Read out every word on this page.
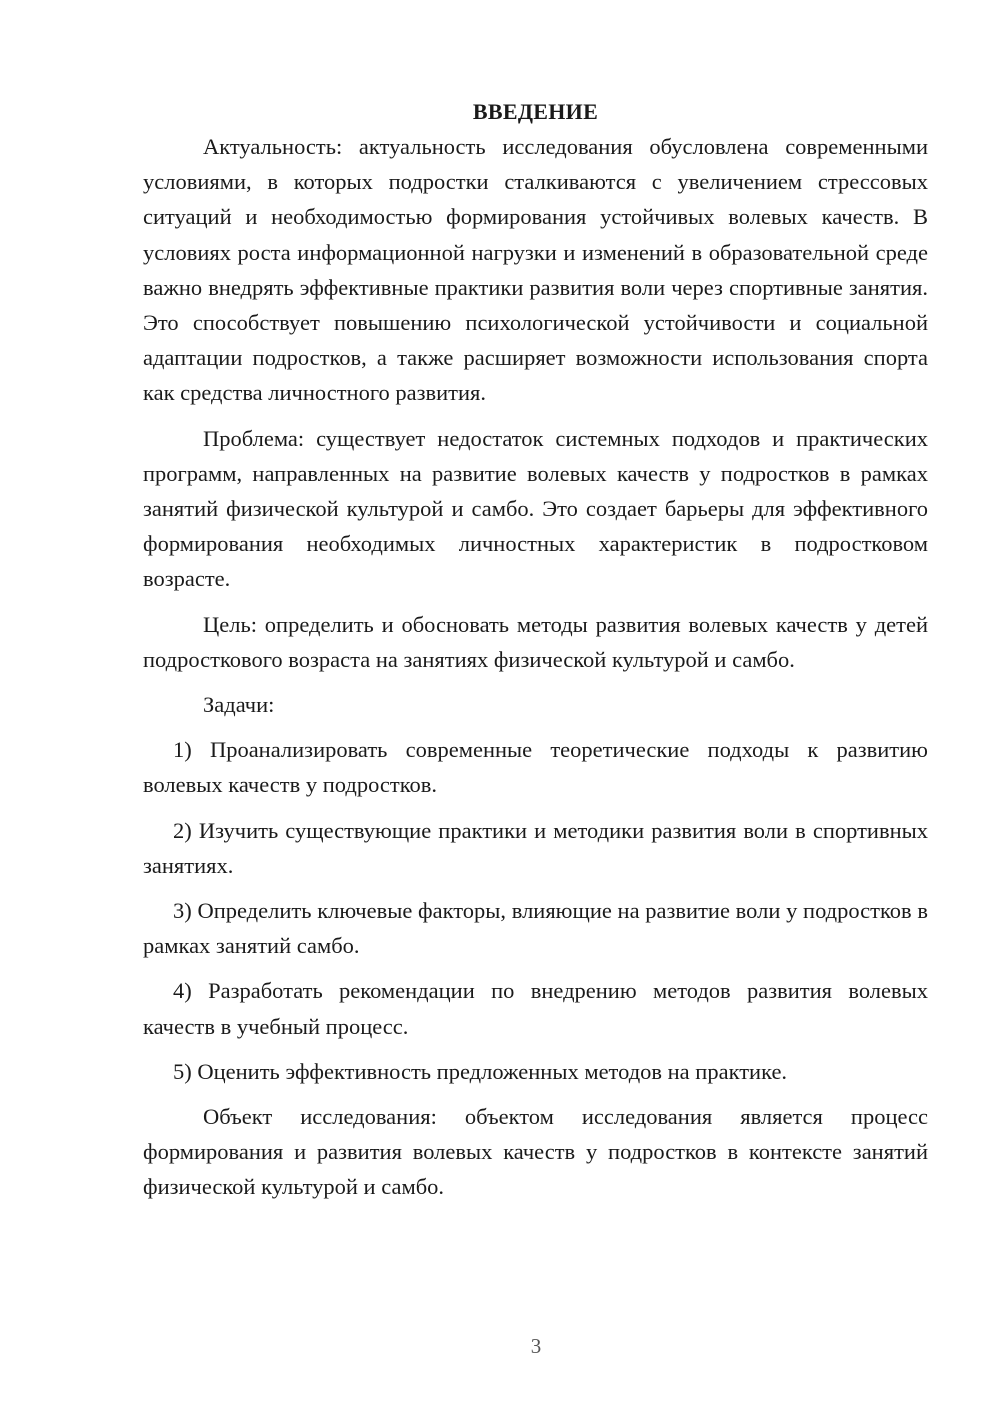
ВВЕДЕНИЕ

Актуальность: актуальность исследования обусловлена современными условиями, в которых подростки сталкиваются с увеличением стрессовых ситуаций и необходимостью формирования устойчивых волевых качеств. В условиях роста информационной нагрузки и изменений в образовательной среде важно внедрять эффективные практики развития воли через спортивные занятия. Это способствует повышению психологической устойчивости и социальной адаптации подростков, а также расширяет возможности использования спорта как средства личностного развития.

Проблема: существует недостаток системных подходов и практических программ, направленных на развитие волевых качеств у подростков в рамках занятий физической культурой и самбо. Это создает барьеры для эффективного формирования необходимых личностных характеристик в подростковом возрасте.

Цель: определить и обосновать методы развития волевых качеств у детей подросткового возраста на занятиях физической культурой и самбо.

Задачи:

1) Проанализировать современные теоретические подходы к развитию волевых качеств у подростков.

2) Изучить существующие практики и методики развития воли в спортивных занятиях.

3) Определить ключевые факторы, влияющие на развитие воли у подростков в рамках занятий самбо.

4) Разработать рекомендации по внедрению методов развития волевых качеств в учебный процесс.

5) Оценить эффективность предложенных методов на практике.

Объект исследования: объектом исследования является процесс формирования и развития волевых качеств у подростков в контексте занятий физической культурой и самбо.

3
